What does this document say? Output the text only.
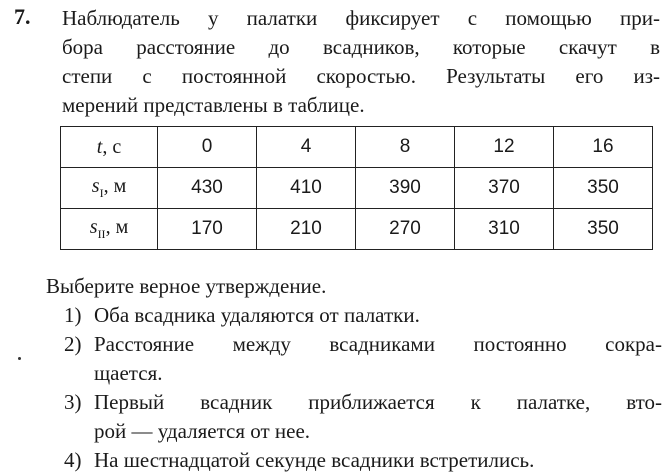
7. Наблюдатель у палатки фиксирует с помощью при-
бора расстояние до всадников, которые скачут в
степи с постоянной скоростью. Результаты его из-
мерений представлены в таблице.
t, с	0	4	8	12	16
$s_I$, м	430	410	390	370	350
$s_{II}$, м	170	210	270	310	350
Выберите верное утверждение.
1) Оба всадника удаляются от палатки.
2) Расстояние между всадниками постоянно сокра-
щается.
3) Первый всадник приближается к палатке, вто-
рой — удаляется от нее.
4) На шестнадцатой секунде всадники встретились.
